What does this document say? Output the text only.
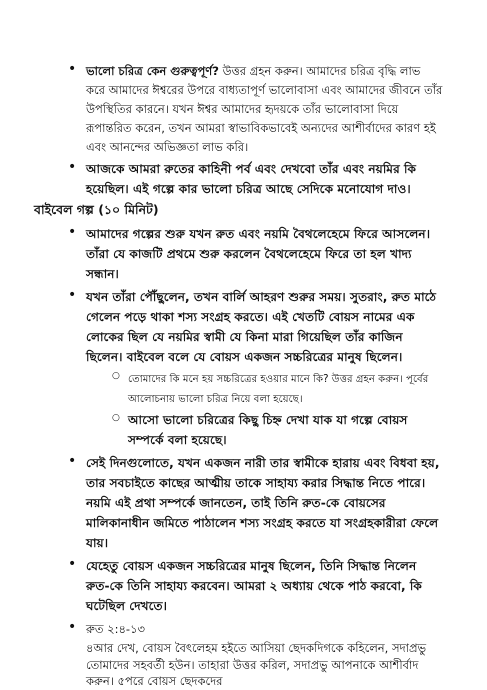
• ভালো চরিত্র কেন গুরুত্বপূর্ণ? উত্তর গ্রহন করুন। আমাদের চরিত্র বৃদ্ধি লাভ করে আমাদের ঈশ্বরের উপরে বাধ্যতাপূর্ণ ভালোবাসা এবং আমাদের জীবনে তাঁর উপস্থিতির কারনে। যখন ঈশ্বর আমাদের হৃদয়কে তাঁর ভালোবাসা দিয়ে রূপান্তরিত করেন, তখন আমরা স্বাভাবিকভাবেই অন্যদের আশীর্বাদের কারণ হই এবং আনন্দের অভিজ্ঞতা লাভ করি।
• আজকে আমরা রুতের কাহিনী পর্ব এবং দেখবো তাঁর এবং নয়মির কি হয়েছিল। এই গল্পে কার ভালো চরিত্র আছে সেদিকে মনোযোগ দাও।
বাইবেল গল্প (১০ মিনিট)
• আমাদের গল্পের শুরু যখন রুত এবং নয়মি বৈথলেহেমে ফিরে আসলেন। তাঁরা যে কাজটি প্রথমে শুরু করলেন বৈথলেহেমে ফিরে তা হল খাদ্য সন্ধান।
• যখন তাঁরা পৌঁছুলেন, তখন বার্লি আহরণ শুরুর সময়। সুতরাং, রুত মাঠে গেলেন পড়ে থাকা শস্য সংগ্রহ করতে। এই খেতটি বোয়স নামের এক লোকের ছিল যে নয়মির স্বামী যে কিনা মারা গিয়েছিল তাঁর কাজিন ছিলেন। বাইবেল বলে যে বোয়স একজন সচ্চরিত্রের মানুষ ছিলেন।
○ তোমাদের কি মনে হয় সচ্চরিত্রের হওয়ার মানে কি? উত্তর গ্রহন করুন। পূর্বের আলোচনায় ভালো চরিত্র নিয়ে বলা হয়েছে।
○ আসো ভালো চরিত্রের কিছু চিহ্ন দেখা যাক যা গল্পে বোয়স সম্পর্কে বলা হয়েছে।
• সেই দিনগুলোতে, যখন একজন নারী তার স্বামীকে হারায় এবং বিধবা হয়, তার সবচাইতে কাছের আত্মীয় তাকে সাহায্য করার সিদ্ধান্ত নিতে পারে। নয়মি এই প্রথা সম্পর্কে জানতেন, তাই তিনি রুত-কে বোয়সের মালিকানাধীন জমিতে পাঠালেন শস্য সংগ্রহ করতে যা সংগ্রহকারীরা ফেলে যায়।
• যেহেতু বোয়স একজন সচ্চরিত্রের মানুষ ছিলেন, তিনি সিদ্ধান্ত নিলেন রুত-কে তিনি সাহায্য করবেন। আমরা ২ অধ্যায় থেকে পাঠ করবো, কি ঘটেছিল দেখতে।
• রুত ২:৪-১৩
৪আর দেখ, বোয়স বৈৎলেহম হইতে আসিয়া ছেদকদিগকে কহিলেন, সদাপ্রভু তোমাদের সহবর্তী হউন। তাহারা উত্তর করিল, সদাপ্রভু আপনাকে আশীর্বাদ করুন। ৫পরে বোয়স ছেদকদের
